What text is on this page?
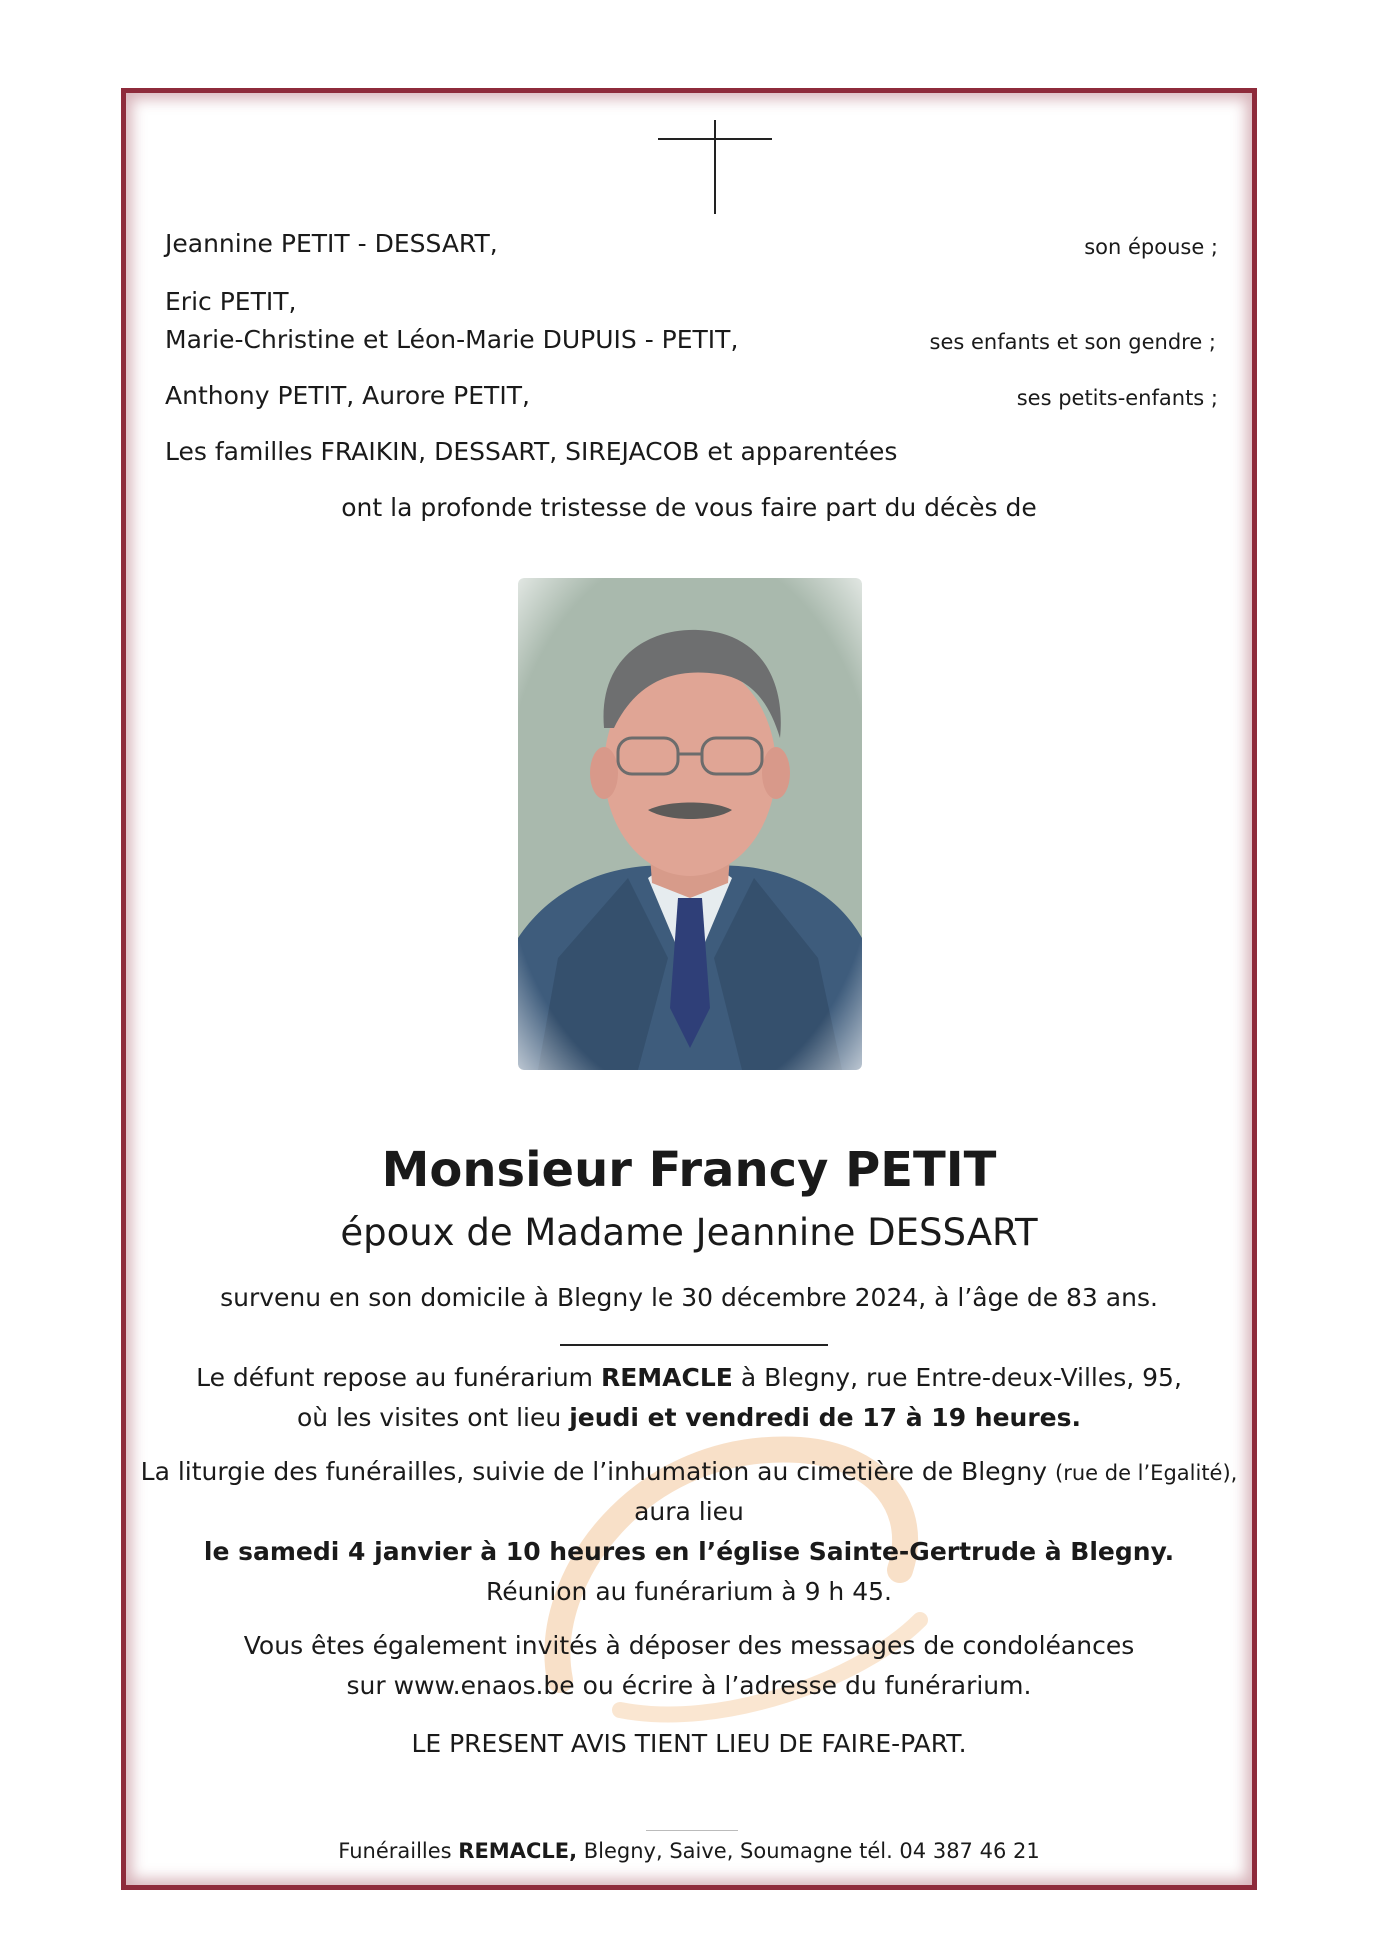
Jeannine PETIT - DESSART,	son épouse ;
Eric PETIT,
Marie-Christine et Léon-Marie DUPUIS - PETIT,	ses enfants et son gendre ;
Anthony PETIT, Aurore PETIT,	ses petits-enfants ;
Les familles FRAIKIN, DESSART, SIREJACOB et apparentées
ont la profonde tristesse de vous faire part du décès de
Monsieur Francy PETIT
époux de Madame Jeannine DESSART
survenu en son domicile à Blegny le 30 décembre 2024, à l’âge de 83 ans.
Le défunt repose au funérarium REMACLE à Blegny, rue Entre-deux-Villes, 95,
où les visites ont lieu jeudi et vendredi de 17 à 19 heures.
La liturgie des funérailles, suivie de l’inhumation au cimetière de Blegny (rue de l’Egalité),
aura lieu
le samedi 4 janvier à 10 heures en l’église Sainte-Gertrude à Blegny.
Réunion au funérarium à 9 h 45.
Vous êtes également invités à déposer des messages de condoléances
sur www.enaos.be ou écrire à l’adresse du funérarium.
LE PRESENT AVIS TIENT LIEU DE FAIRE-PART.
Funérailles REMACLE, Blegny, Saive, Soumagne tél. 04 387 46 21
